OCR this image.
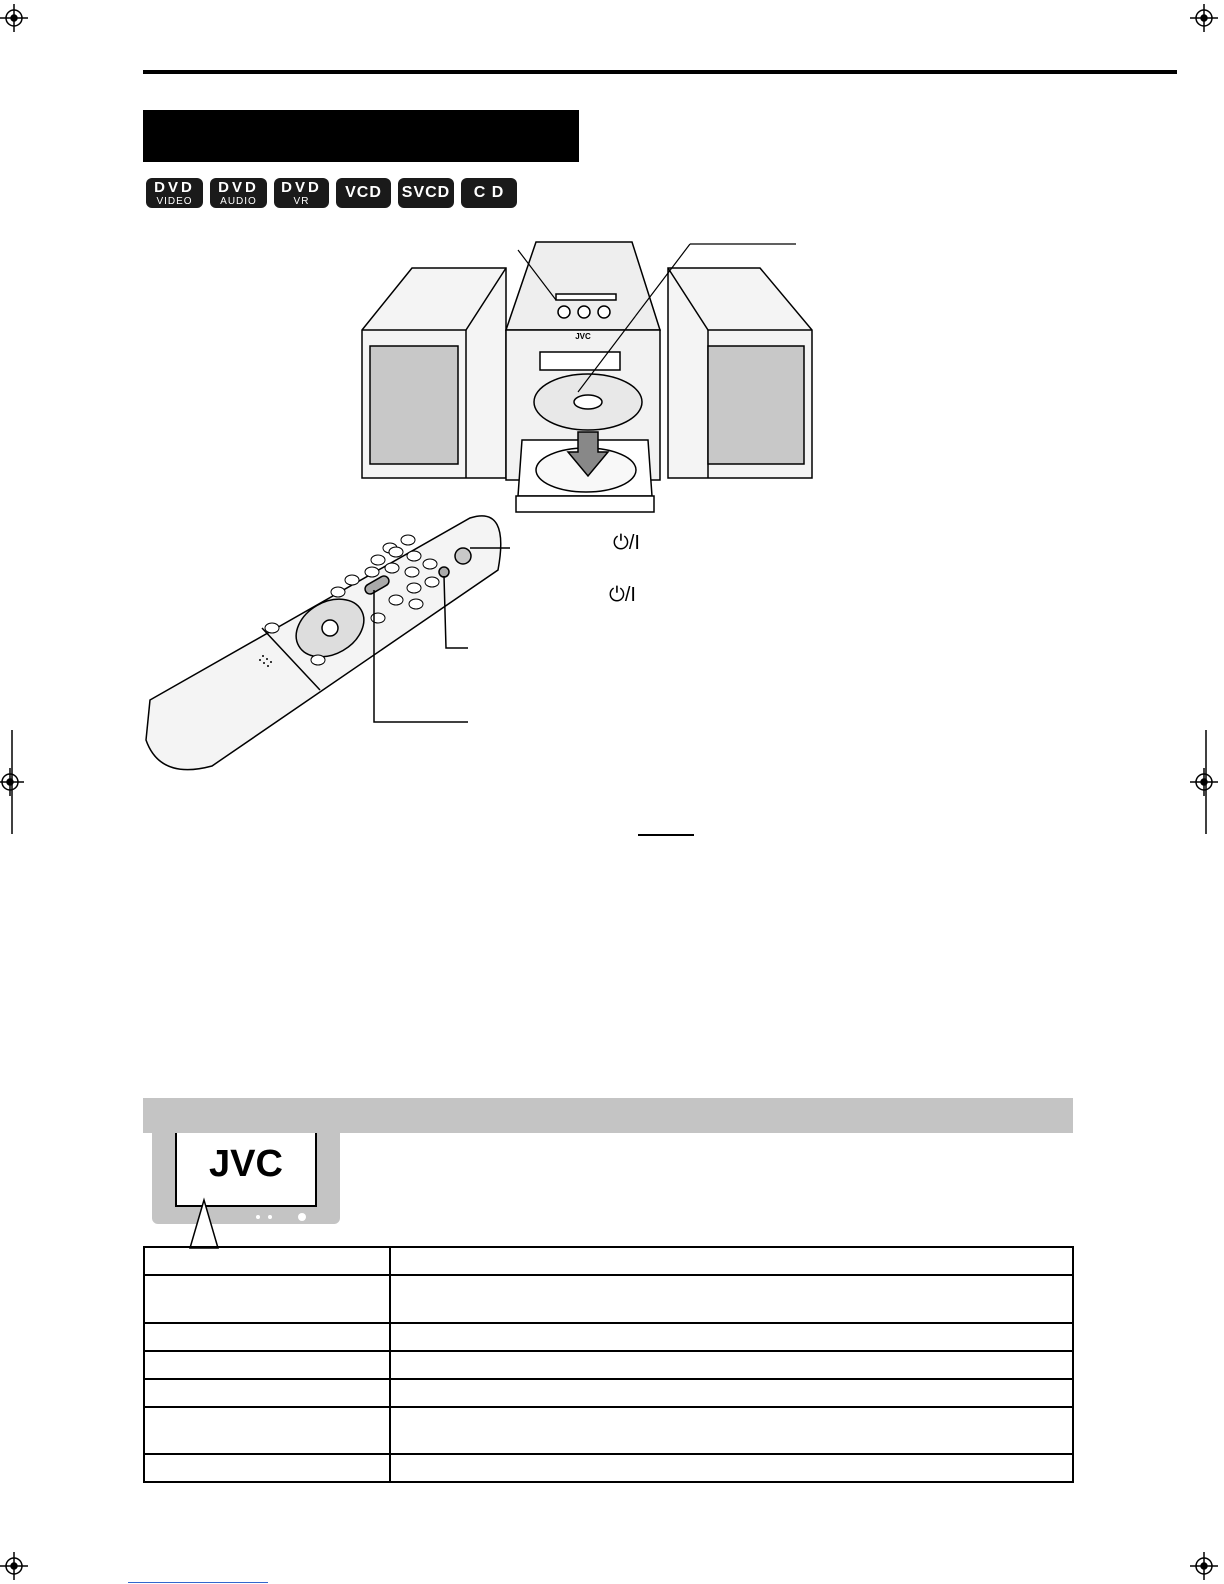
DVD
VIDEO
DVD
AUDIO
DVD
VR VCD SVCD C D
JVC
JVC
⏻/I
⏻/I
